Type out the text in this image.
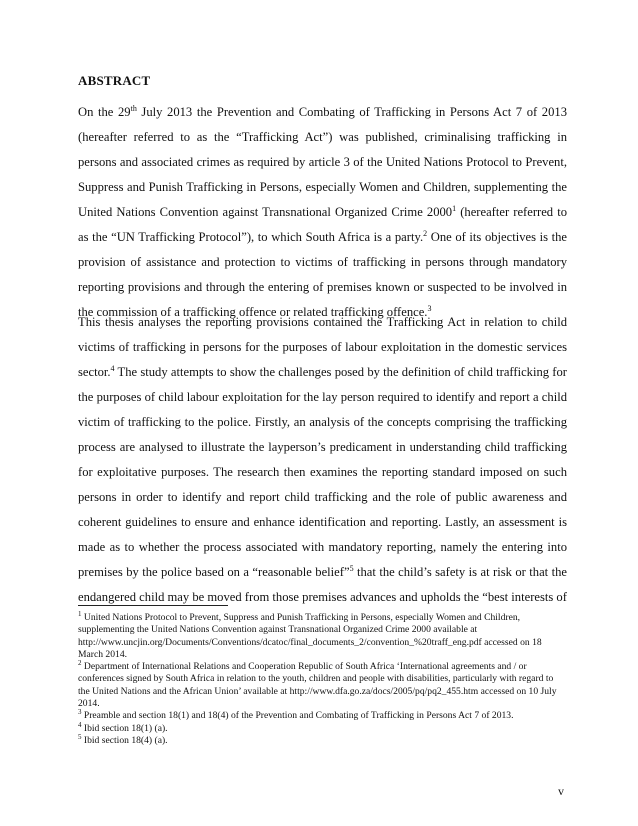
ABSTRACT

On the 29th July 2013 the Prevention and Combating of Trafficking in Persons Act 7 of 2013 (hereafter referred to as the “Trafficking Act”) was published, criminalising trafficking in persons and associated crimes as required by article 3 of the United Nations Protocol to Prevent, Suppress and Punish Trafficking in Persons, especially Women and Children, supplementing the United Nations Convention against Transnational Organized Crime 2000$^1$ (hereafter referred to as the “UN Trafficking Protocol”), to which South Africa is a party.$^2$ One of its objectives is the provision of assistance and protection to victims of trafficking in persons through mandatory reporting provisions and through the entering of premises known or suspected to be involved in the commission of a trafficking offence or related trafficking offence.$^3$

This thesis analyses the reporting provisions contained the Trafficking Act in relation to child victims of trafficking in persons for the purposes of labour exploitation in the domestic services sector.$^4$ The study attempts to show the challenges posed by the definition of child trafficking for the purposes of child labour exploitation for the lay person required to identify and report a child victim of trafficking to the police. Firstly, an analysis of the concepts comprising the trafficking process are analysed to illustrate the layperson’s predicament in understanding child trafficking for exploitative purposes. The research then examines the reporting standard imposed on such persons in order to identify and report child trafficking and the role of public awareness and coherent guidelines to ensure and enhance identification and reporting. Lastly, an assessment is made as to whether the process associated with mandatory reporting, namely the entering into premises by the police based on a “reasonable belief”$^5$ that the child’s safety is at risk or that the endangered child may be moved from those premises advances and upholds the “best interests of

$^1$ United Nations Protocol to Prevent, Suppress and Punish Trafficking in Persons, especially Women and Children, supplementing the United Nations Convention against Transnational Organized Crime 2000 available at http://www.uncjin.org/Documents/Conventions/dcatoc/final_documents_2/convention_%20traff_eng.pdf accessed on 18 March 2014.

$^2$ Department of International Relations and Cooperation Republic of South Africa ‘International agreements and / or conferences signed by South Africa in relation to the youth, children and people with disabilities, particularly with regard to the United Nations and the African Union’ available at http://www.dfa.go.za/docs/2005/pq/pq2_455.htm accessed on 10 July 2014.

$^3$ Preamble and section 18(1) and 18(4) of the Prevention and Combating of Trafficking in Persons Act 7 of 2013.

$^4$ Ibid section 18(1) (a).

$^5$ Ibid section 18(4) (a).

v
